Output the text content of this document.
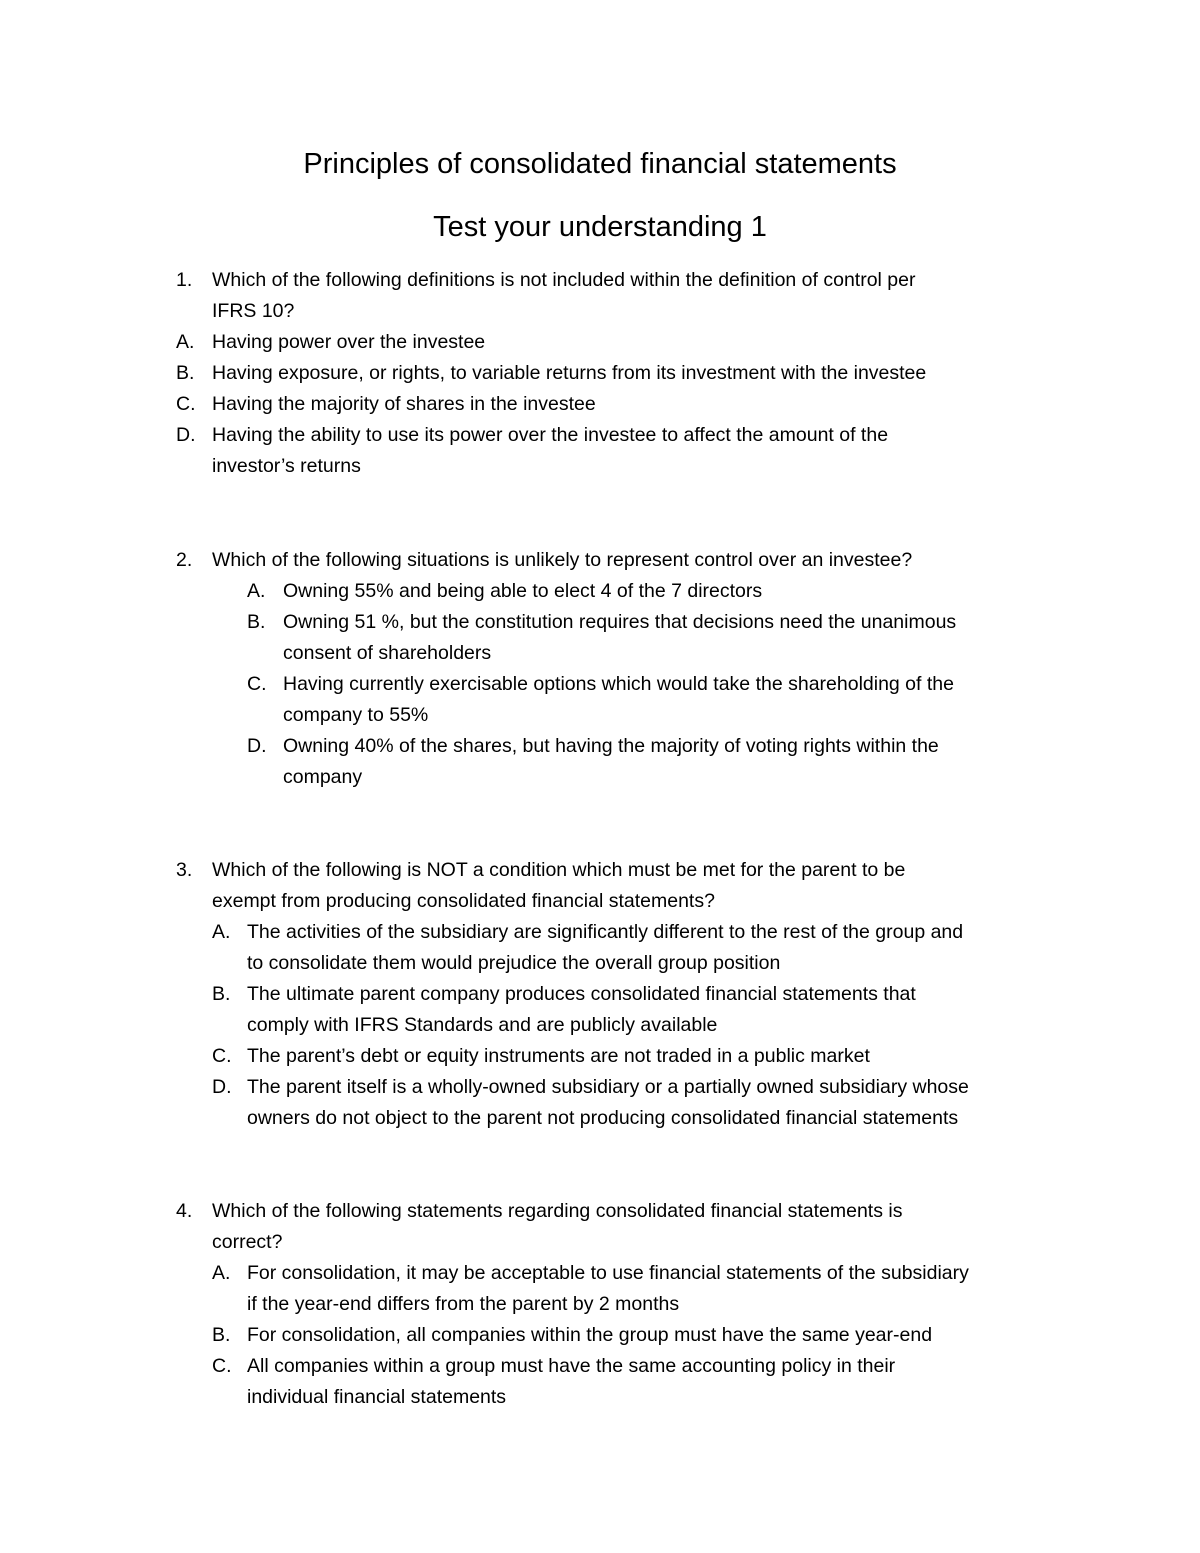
Principles of consolidated financial statements
Test your understanding 1
1. Which of the following definitions is not included within the definition of control per
IFRS 10?
A. Having power over the investee
B. Having exposure, or rights, to variable returns from its investment with the investee
C. Having the majority of shares in the investee
D. Having the ability to use its power over the investee to affect the amount of the
investor’s returns
2. Which of the following situations is unlikely to represent control over an investee?
A. Owning 55% and being able to elect 4 of the 7 directors
B. Owning 51 %, but the constitution requires that decisions need the unanimous
consent of shareholders
C. Having currently exercisable options which would take the shareholding of the
company to 55%
D. Owning 40% of the shares, but having the majority of voting rights within the
company
3. Which of the following is NOT a condition which must be met for the parent to be
exempt from producing consolidated financial statements?
A. The activities of the subsidiary are significantly different to the rest of the group and
to consolidate them would prejudice the overall group position
B. The ultimate parent company produces consolidated financial statements that
comply with IFRS Standards and are publicly available
C. The parent’s debt or equity instruments are not traded in a public market
D. The parent itself is a wholly-owned subsidiary or a partially owned subsidiary whose
owners do not object to the parent not producing consolidated financial statements
4. Which of the following statements regarding consolidated financial statements is
correct?
A. For consolidation, it may be acceptable to use financial statements of the subsidiary
if the year-end differs from the parent by 2 months
B. For consolidation, all companies within the group must have the same year-end
C. All companies within a group must have the same accounting policy in their
individual financial statements
